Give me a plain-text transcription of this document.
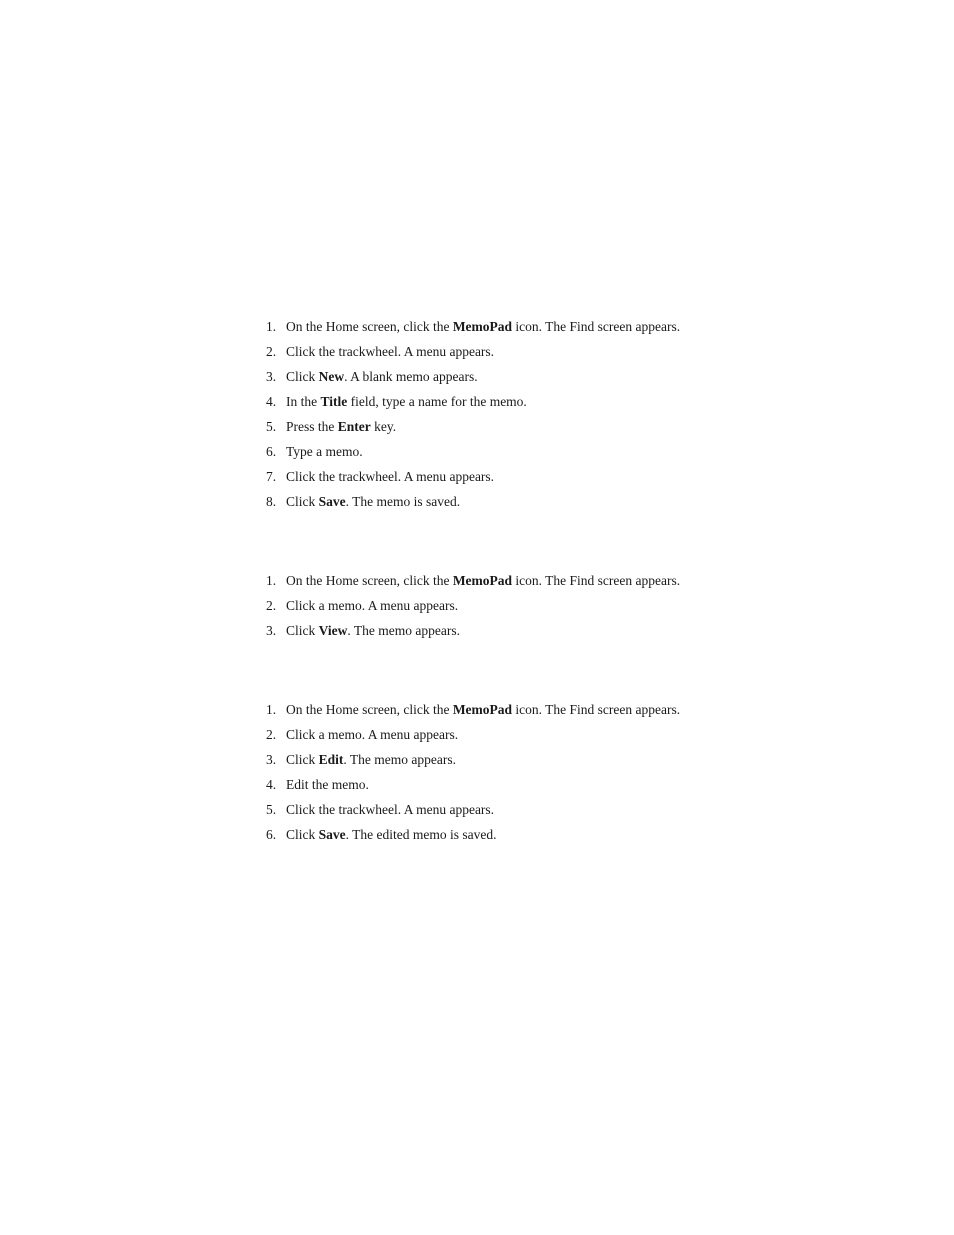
1. On the Home screen, click the MemoPad icon. The Find screen appears.
2. Click the trackwheel. A menu appears.
3. Click New. A blank memo appears.
4. In the Title field, type a name for the memo.
5. Press the Enter key.
6. Type a memo.
7. Click the trackwheel. A menu appears.
8. Click Save. The memo is saved.
1. On the Home screen, click the MemoPad icon. The Find screen appears.
2. Click a memo. A menu appears.
3. Click View. The memo appears.
1. On the Home screen, click the MemoPad icon. The Find screen appears.
2. Click a memo. A menu appears.
3. Click Edit. The memo appears.
4. Edit the memo.
5. Click the trackwheel. A menu appears.
6. Click Save. The edited memo is saved.
